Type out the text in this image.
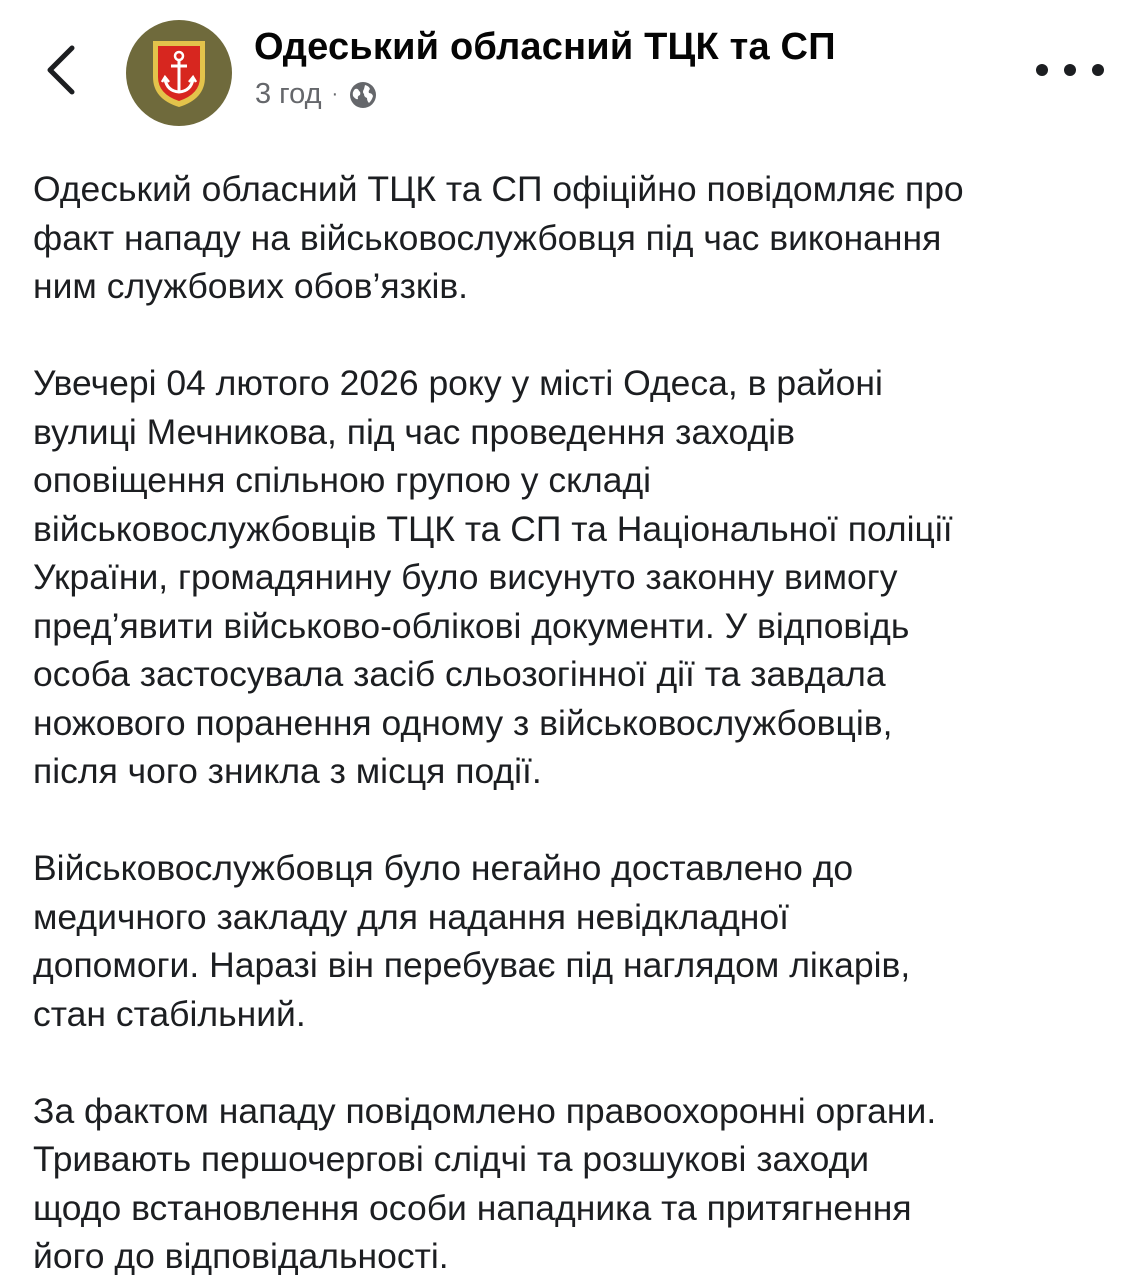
Одеський обласний ТЦК та СП
3 год ·

Одеський обласний ТЦК та СП офіційно повідомляє про
факт нападу на військовослужбовця під час виконання
ним службових обов’язків.

Увечері 04 лютого 2026 року у місті Одеса, в районі
вулиці Мечникова, під час проведення заходів
оповіщення спільною групою у складі
військовослужбовців ТЦК та СП та Національної поліції
України, громадянину було висунуто законну вимогу
пред’явити військово-облікові документи. У відповідь
особа застосувала засіб сльозогінної дії та завдала
ножового поранення одному з військовослужбовців,
після чого зникла з місця події.

Військовослужбовця було негайно доставлено до
медичного закладу для надання невідкладної
допомоги. Наразі він перебуває під наглядом лікарів,
стан стабільний.

За фактом нападу повідомлено правоохоронні органи.
Тривають першочергові слідчі та розшукові заходи
щодо встановлення особи нападника та притягнення
його до відповідальності.
